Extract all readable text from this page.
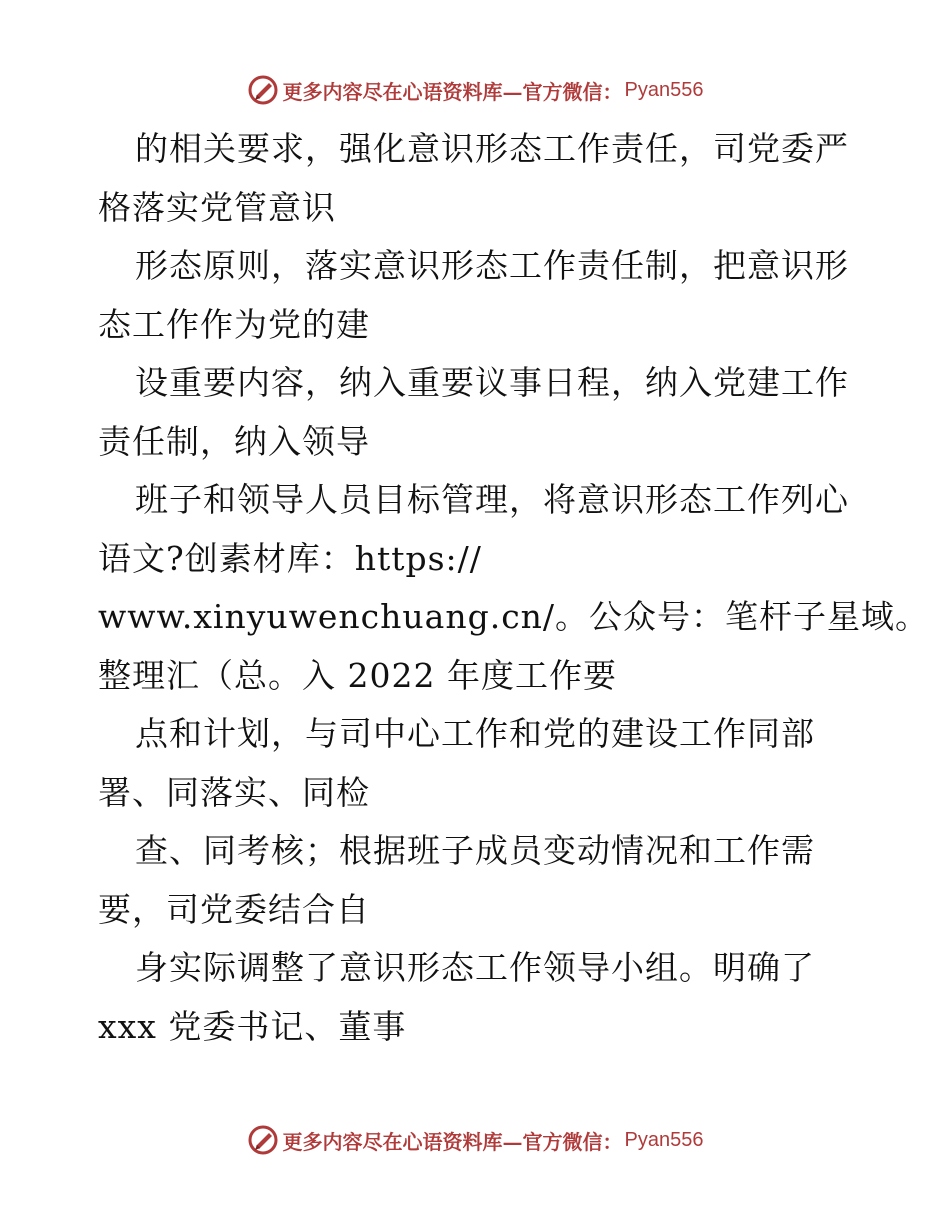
更多内容尽在心语资料库—官方微信： Pyan556
的相关要求，强化意识形态工作责任，司党委严
格落实党管意识
形态原则，落实意识形态工作责任制，把意识形
态工作作为党的建
设重要内容，纳入重要议事日程，纳入党建工作
责任制，纳入领导
班子和领导人员目标管理，将意识形态工作列心
语文?创素材库：https://
www.xinyuwenchuang.cn/。公众号：笔杆子星域。
整理汇（总。入 2022 年度工作要
点和计划，与司中心工作和党的建设工作同部
署、同落实、同检
查、同考核；根据班子成员变动情况和工作需
要，司党委结合自
身实际调整了意识形态工作领导小组。明确了
xxx 党委书记、董事
更多内容尽在心语资料库—官方微信： Pyan556
